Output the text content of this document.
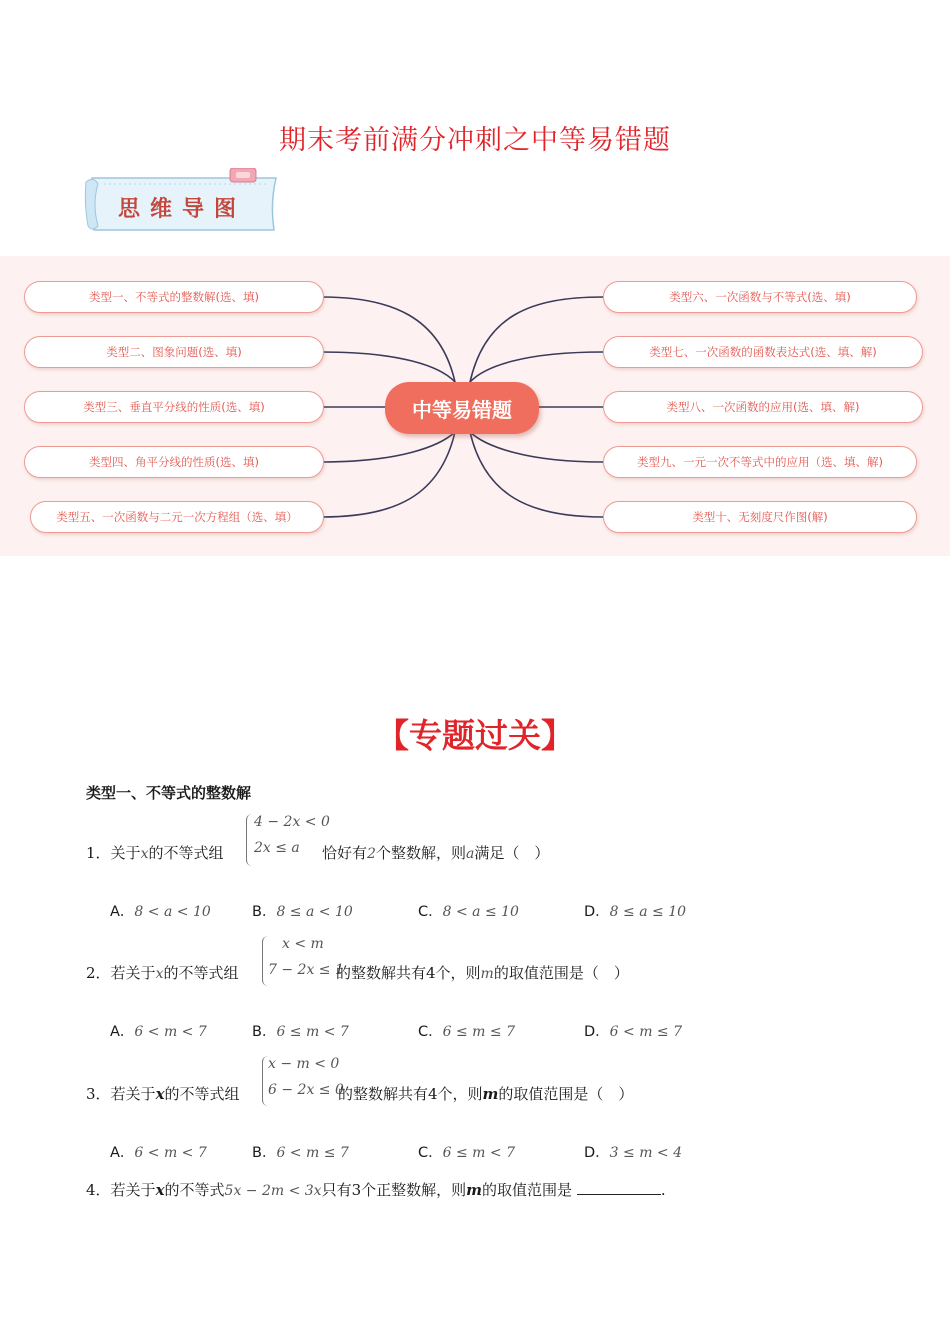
期末考前满分冲刺之中等易错题
思维导图
类型一、不等式的整数解(选、填)
类型二、图象问题(选、填)
类型三、垂直平分线的性质(选、填)
类型四、角平分线的性质(选、填)
类型五、一次函数与二元一次方程组（选、填）
类型六、一次函数与不等式(选、填)
类型七、一次函数的函数表达式(选、填、解)
类型八、一次函数的应用(选、填、解)
类型九、一元一次不等式中的应用（选、填、解)
类型十、无刻度尺作图(解)
中等易错题
【专题过关】
类型一、不等式的整数解
4 − 2x < 0
2x ≤ a
1．关于x的不等式组	恰好有2个整数解，则a满足（　）
A．8 < a < 10	B．8 ≤ a < 10	C．8 < a ≤ 10	D．8 ≤ a ≤ 10
x < m
7 − 2x ≤ 1
2．若关于x的不等式组	的整数解共有4个，则m的取值范围是（　）
A．6 < m < 7	B．6 ≤ m < 7	C．6 ≤ m ≤ 7	D．6 < m ≤ 7
x − m < 0
6 − 2x ≤ 0
3．若关于x的不等式组	的整数解共有4个，则m的取值范围是（　）
A．6 < m < 7	B．6 < m ≤ 7	C．6 ≤ m < 7	D．3 ≤ m < 4
4．若关于x的不等式5x − 2m < 3x只有3个正整数解，则m的取值范围是	.
